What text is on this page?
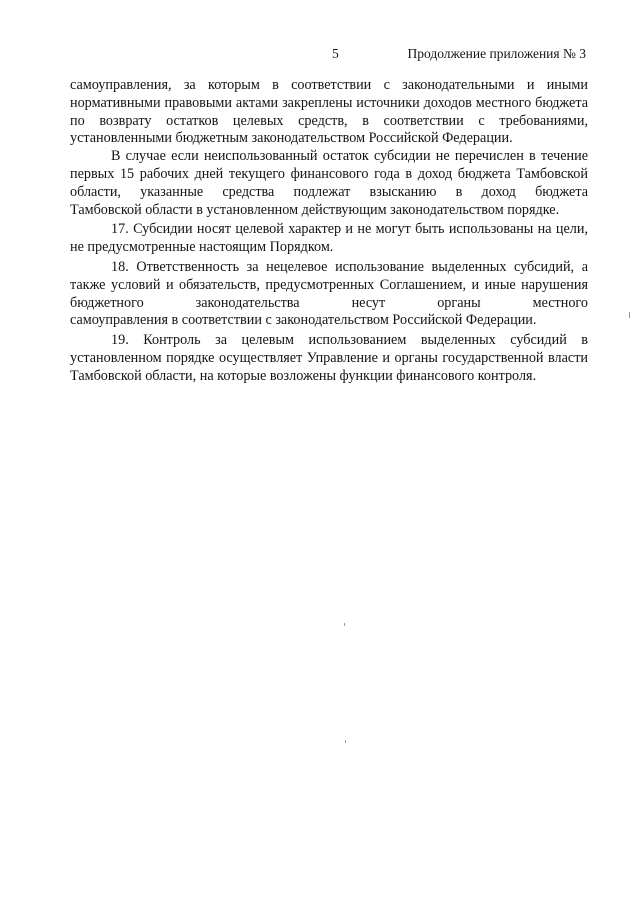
5	Продолжение приложения № 3

самоуправления, за которым в соответствии с законодательными и иными нормативными правовыми актами закреплены источники доходов местного бюджета по возврату остатков целевых средств, в соответствии с требованиями, установленными бюджетным законодательством Российской Федерации.

В случае если неиспользованный остаток субсидии не перечислен в течение первых 15 рабочих дней текущего финансового года в доход бюджета Тамбовской области, указанные средства подлежат взысканию в доход бюджета

Тамбовской области в установленном действующим законодательством порядке.

17. Субсидии носят целевой характер и не могут быть использованы на цели, не предусмотренные настоящим Порядком.

18. Ответственность за нецелевое использование выделенных субсидий, а также условий и обязательств, предусмотренных Соглашением, и иные нарушения бюджетного законодательства несут органы местного

самоуправления в соответствии с законодательством Российской Федерации.

19. Контроль за целевым использованием выделенных субсидий в установленном порядке осуществляет Управление и органы государственной власти Тамбовской области, на которые возложены функции финансового контроля.
